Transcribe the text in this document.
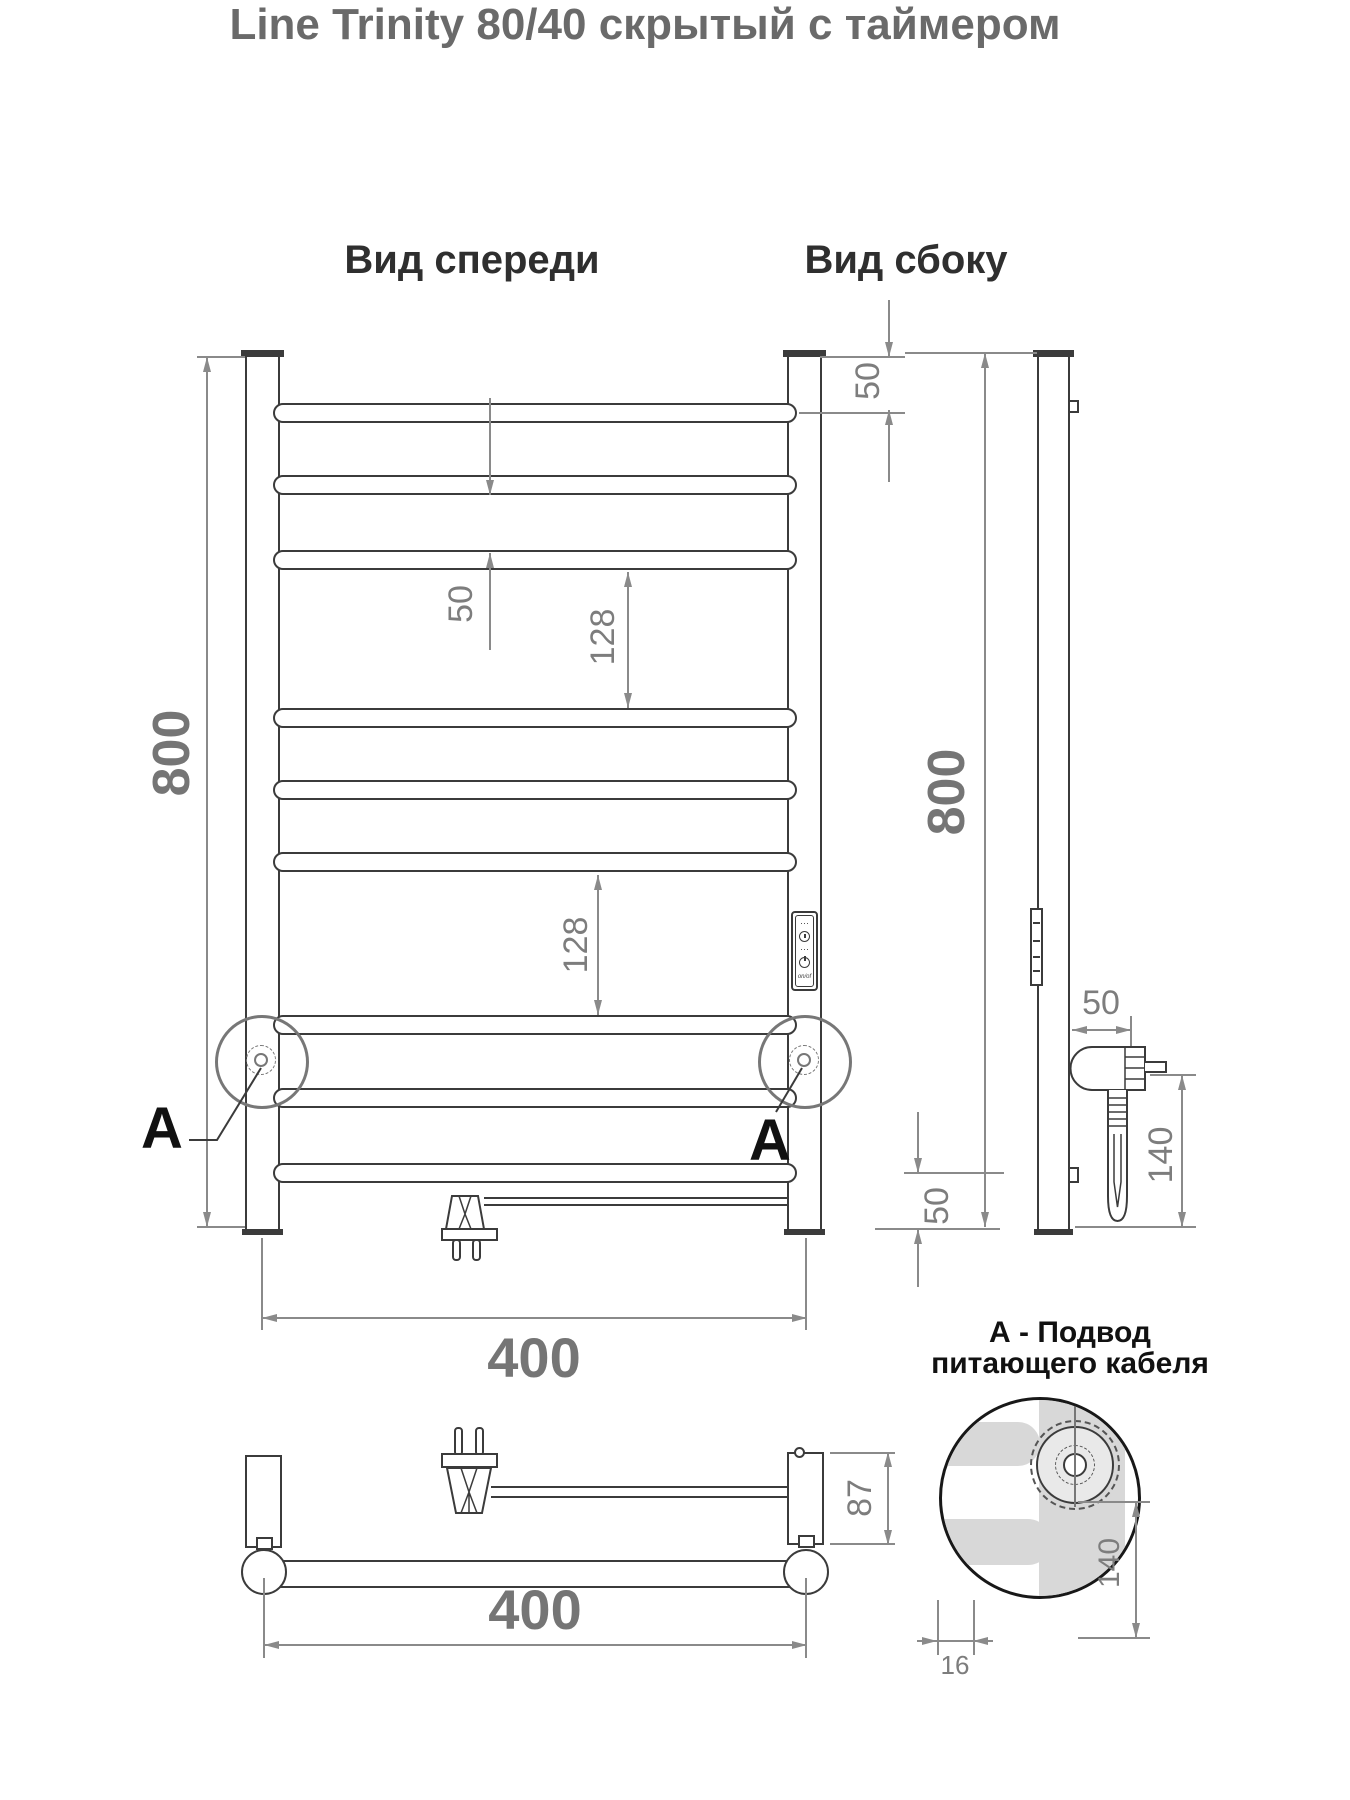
Line Trinity 80/40 скрытый с таймером
Вид спереди	Вид сбоку
···
···
on/of
А	А
800
50
50
128
128
400
800
50
140
50
400
87
А - Подвод
питающего кабеля
140
16
